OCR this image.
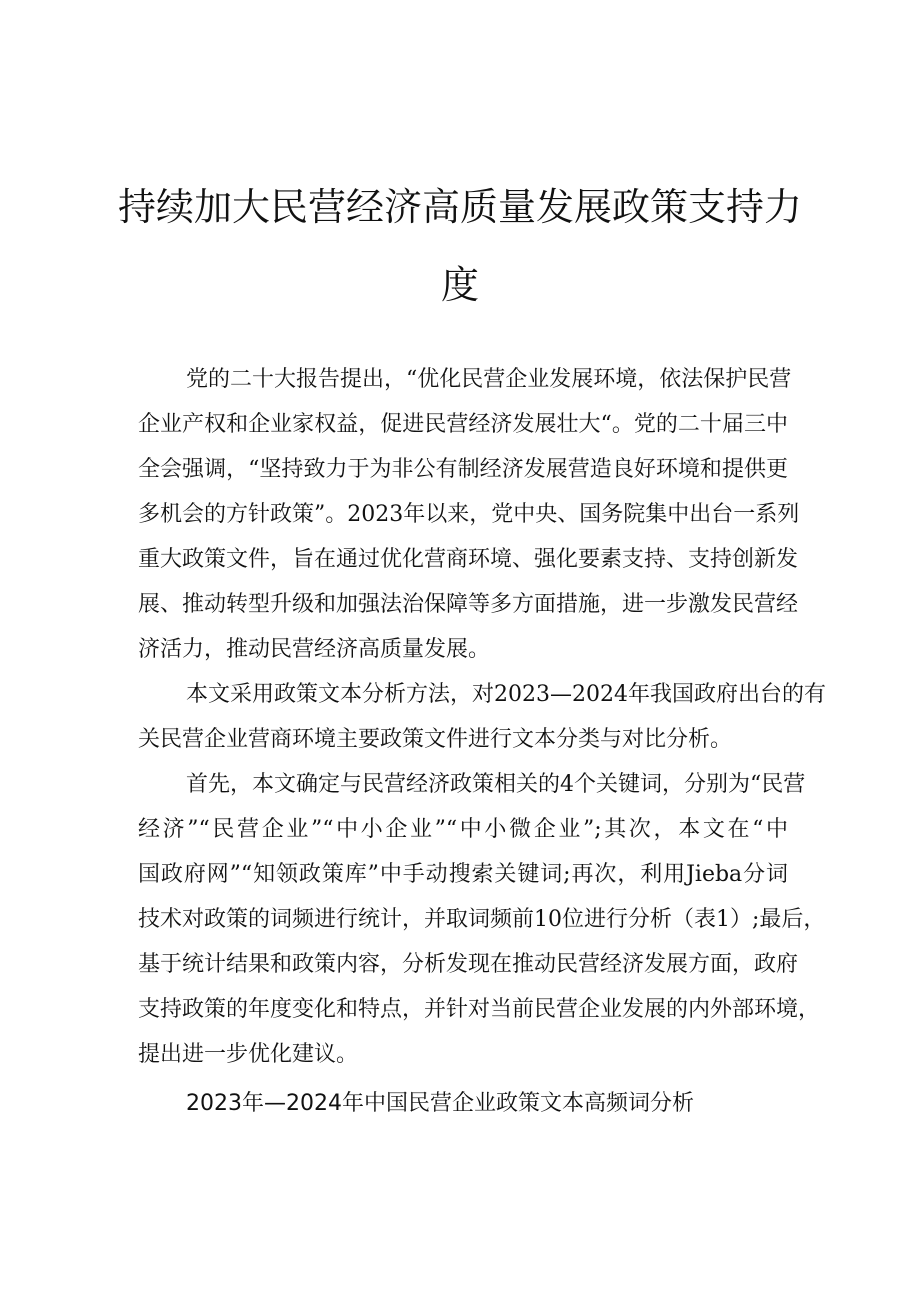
持续加大民营经济高质量发展政策支持力
度
党的二十大报告提出，“优化民营企业发展环境，依法保护民营
企业产权和企业家权益，促进民营经济发展壮大“。党的二十届三中
全会强调，“坚持致力于为非公有制经济发展营造良好环境和提供更
多机会的方针政策”。2023年以来，党中央、国务院集中出台一系列
重大政策文件，旨在通过优化营商环境、强化要素支持、支持创新发
展、推动转型升级和加强法治保障等多方面措施，进一步激发民营经
济活力，推动民营经济高质量发展。
本文采用政策文本分析方法，对2023—2024年我国政府出台的有
关民营企业营商环境主要政策文件进行文本分类与对比分析。
首先，本文确定与民营经济政策相关的4个关键词，分别为“民营
经济”“民营企业”“中小企业”“中小微企业”;其次，本文在“中
国政府网”“知领政策库”中手动搜索关键词;再次，利用Jieba分词
技术对政策的词频进行统计，并取词频前10位进行分析（表1）;最后，
基于统计结果和政策内容，分析发现在推动民营经济发展方面，政府
支持政策的年度变化和特点，并针对当前民营企业发展的内外部环境，
提出进一步优化建议。
2023年—2024年中国民营企业政策文本高频词分析
